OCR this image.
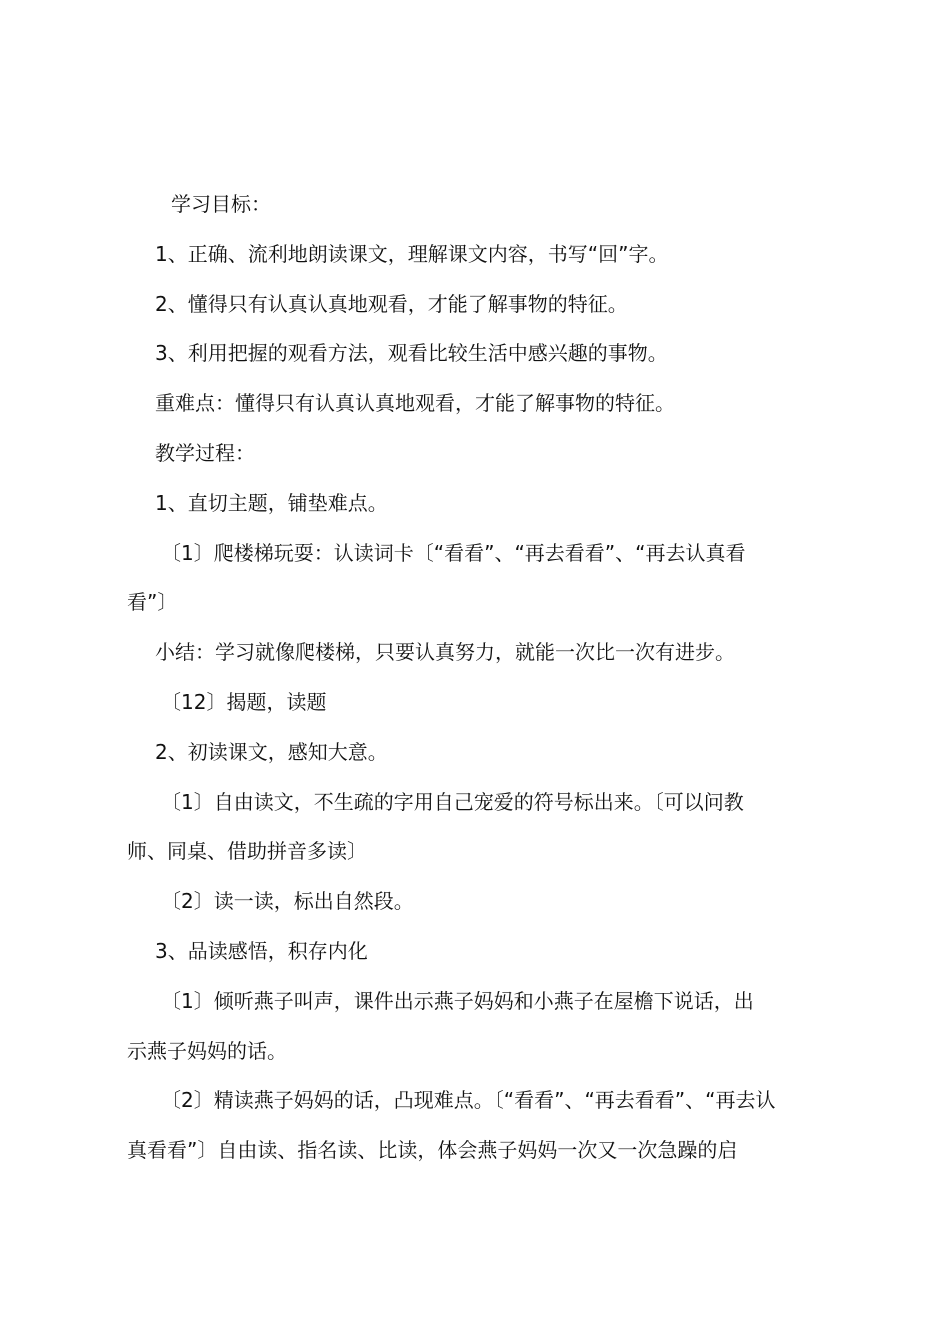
学习目标：
1、正确、流利地朗读课文，理解课文内容，书写“回”字。
2、懂得只有认真认真地观看，才能了解事物的特征。
3、利用把握的观看方法，观看比较生活中感兴趣的事物。
重难点：懂得只有认真认真地观看，才能了解事物的特征。
教学过程：
1、直切主题，铺垫难点。
〔1〕爬楼梯玩耍：认读词卡〔“看看”、“再去看看”、“再去认真看
看”〕
小结：学习就像爬楼梯，只要认真努力，就能一次比一次有进步。
〔12〕揭题，读题
2、初读课文，感知大意。
〔1〕自由读文，不生疏的字用自己宠爱的符号标出来。〔可以问教
师、同桌、借助拼音多读〕
〔2〕读一读，标出自然段。
3、品读感悟，积存内化
〔1〕倾听燕子叫声，课件出示燕子妈妈和小燕子在屋檐下说话，出
示燕子妈妈的话。
〔2〕精读燕子妈妈的话，凸现难点。〔“看看”、“再去看看”、“再去认
真看看”〕自由读、指名读、比读，体会燕子妈妈一次又一次急躁的启
